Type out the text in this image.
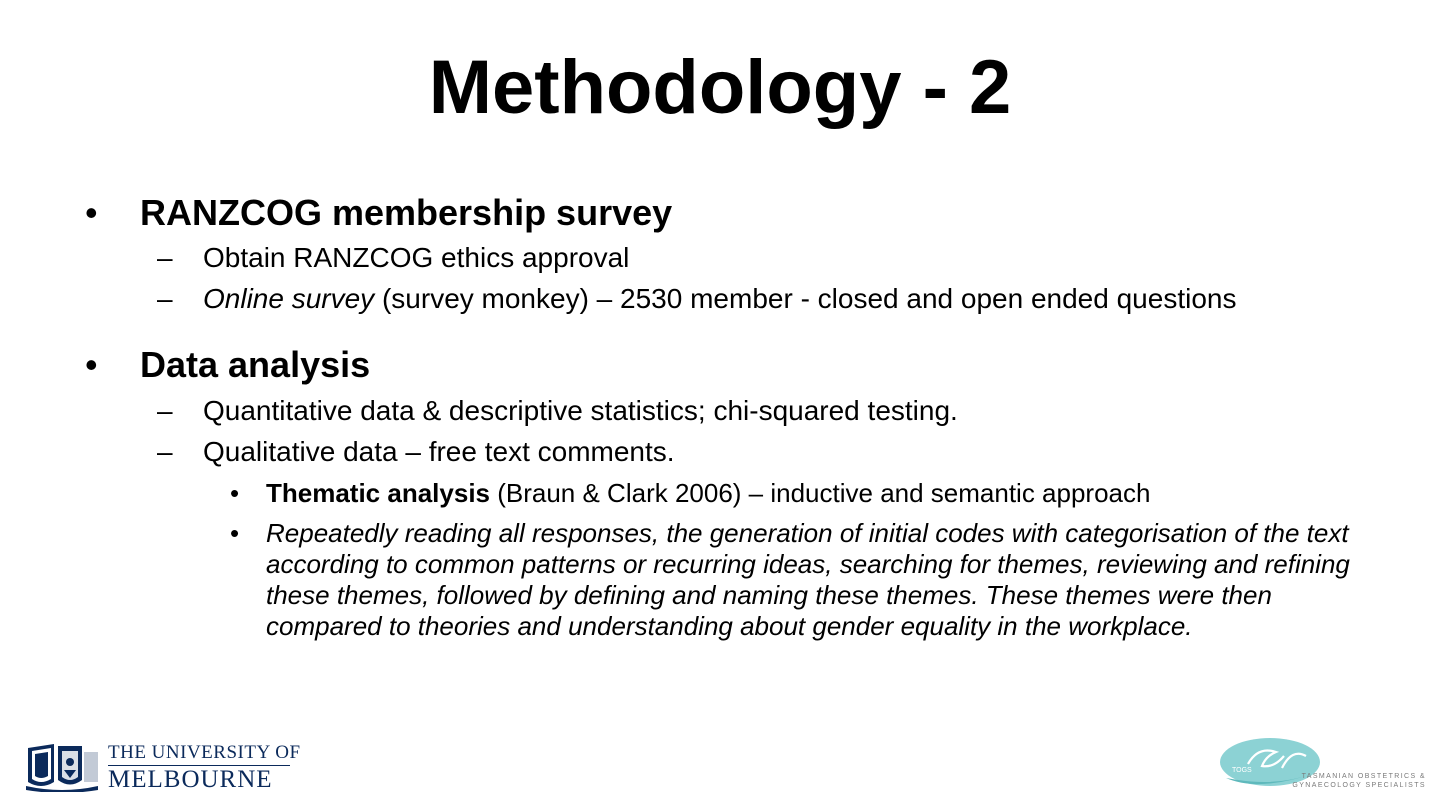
Methodology - 2
• RANZCOG membership survey
– Obtain RANZCOG ethics approval
– Online survey (survey monkey) – 2530 member - closed and open ended questions
• Data analysis
– Quantitative data & descriptive statistics; chi-squared testing.
– Qualitative data – free text comments.
• Thematic analysis (Braun & Clark 2006) – inductive and semantic approach
• Repeatedly reading all responses, the generation of initial codes with categorisation of the text according to common patterns or recurring ideas, searching for themes, reviewing and refining these themes, followed by defining and naming these themes. These themes were then compared to theories and understanding about gender equality in the workplace.
THE UNIVERSITY OF
MELBOURNE	TOGS
TASMANIAN OBSTETRICS & GYNAECOLOGY SPECIALISTS
